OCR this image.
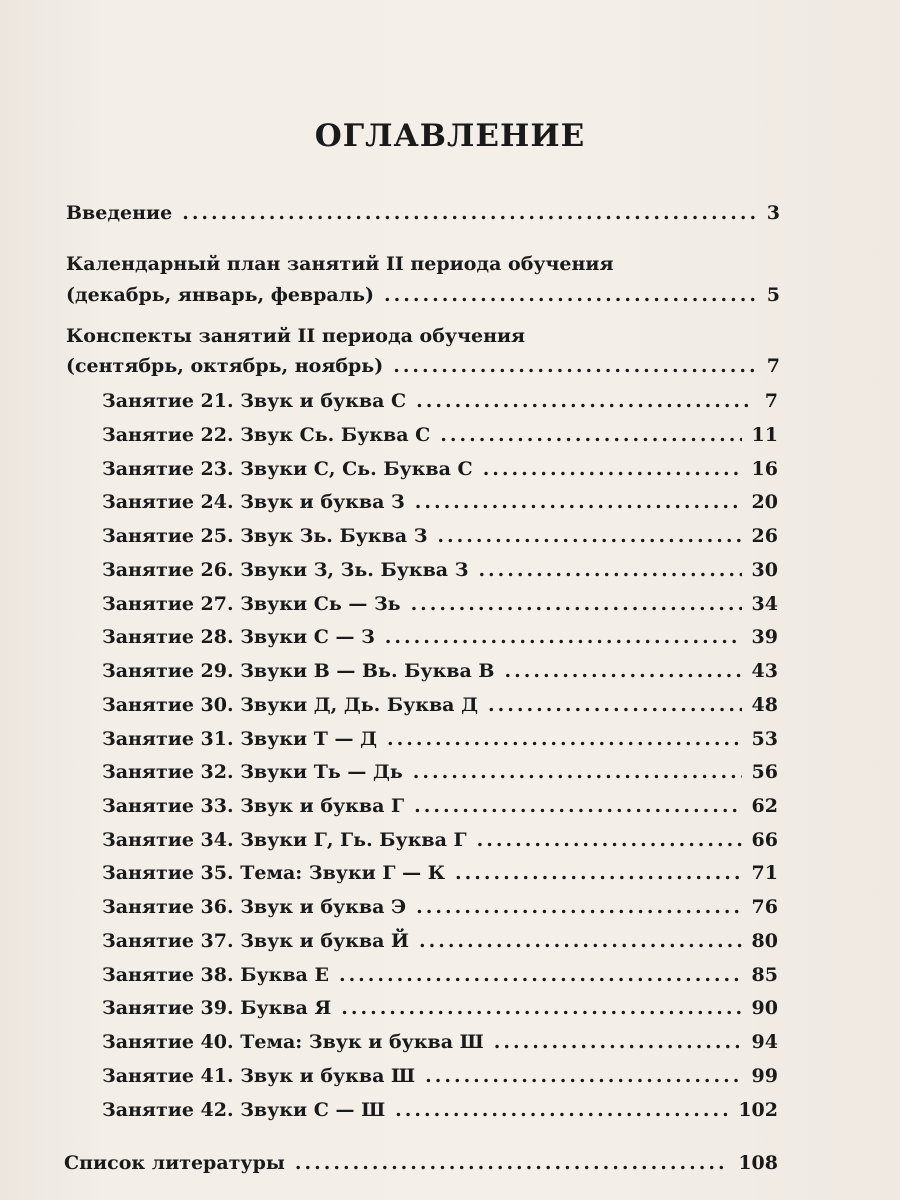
ОГЛАВЛЕНИЕ
Введение .....	3
Календарный план занятий II периода обучения
(декабрь, январь, февраль) .....	5
Конспекты занятий II периода обучения
(сентябрь, октябрь, ноябрь) .....	7
Занятие 21. Звук и буква С .....	7
Занятие 22. Звук Сь. Буква С .....	11
Занятие 23. Звуки С, Сь. Буква С .....	16
Занятие 24. Звук и буква З .....	20
Занятие 25. Звук Зь. Буква З .....	26
Занятие 26. Звуки З, Зь. Буква З .....	30
Занятие 27. Звуки Сь — Зь .....	34
Занятие 28. Звуки С — З .....	39
Занятие 29. Звуки В — Вь. Буква В .....	43
Занятие 30. Звуки Д, Дь. Буква Д .....	48
Занятие 31. Звуки Т — Д .....	53
Занятие 32. Звуки Ть — Дь .....	56
Занятие 33. Звук и буква Г .....	62
Занятие 34. Звуки Г, Гь. Буква Г .....	66
Занятие 35. Тема: Звуки Г — К .....	71
Занятие 36. Звук и буква Э .....	76
Занятие 37. Звук и буква Й .....	80
Занятие 38. Буква Е .....	85
Занятие 39. Буква Я .....	90
Занятие 40. Тема: Звук и буква Ш .....	94
Занятие 41. Звук и буква Ш .....	99
Занятие 42. Звуки С — Ш .....	102
Список литературы .....	108
